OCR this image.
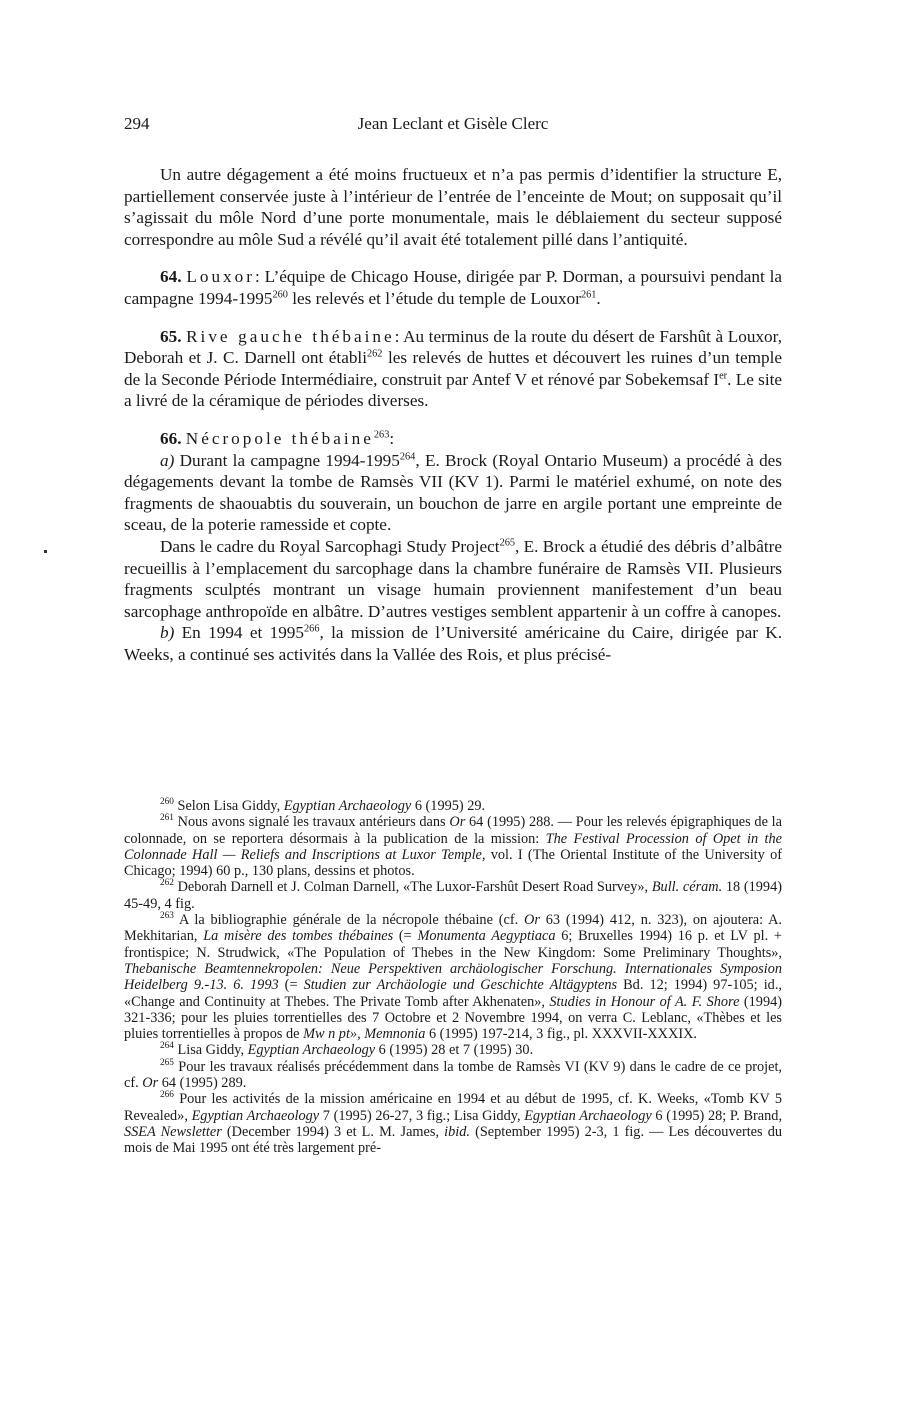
294	Jean Leclant et Gisèle Clerc

Un autre dégagement a été moins fructueux et n’a pas permis d’identifier la structure E, partiellement conservée juste à l’intérieur de l’entrée de l’enceinte de Mout; on supposait qu’il s’agissait du môle Nord d’une porte monumentale, mais le déblaiement du secteur supposé correspondre au môle Sud a révélé qu’il avait été totalement pillé dans l’antiquité.

64. Louxor: L’équipe de Chicago House, dirigée par P. Dorman, a poursuivi pendant la campagne 1994-1995$^{260}$ les relevés et l’étude du temple de Louxor$^{261}$.

65. Rive gauche thébaine: Au terminus de la route du désert de Farshût à Louxor, Deborah et J. C. Darnell ont établi$^{262}$ les relevés de huttes et découvert les ruines d’un temple de la Seconde Période Intermédiaire, construit par Antef V et rénové par Sobekemsaf Ier. Le site a livré de la céramique de périodes diverses.

66. Nécropole thébaine$^{263}$:

a) Durant la campagne 1994-1995$^{264}$, E. Brock (Royal Ontario Museum) a procédé à des dégagements devant la tombe de Ramsès VII (KV 1). Parmi le matériel exhumé, on note des fragments de shaouabtis du souverain, un bouchon de jarre en argile portant une empreinte de sceau, de la poterie ramesside et copte.

Dans le cadre du Royal Sarcophagi Study Project$^{265}$, E. Brock a étudié des débris d’albâtre recueillis à l’emplacement du sarcophage dans la chambre funéraire de Ramsès VII. Plusieurs fragments sculptés montrant un visage humain proviennent manifestement d’un beau sarcophage anthropoïde en albâtre. D’autres vestiges semblent appartenir à un coffre à canopes.

b) En 1994 et 1995$^{266}$, la mission de l’Université américaine du Caire, dirigée par K. Weeks, a continué ses activités dans la Vallée des Rois, et plus précisé-

$^{260}$ Selon Lisa Giddy, Egyptian Archaeology 6 (1995) 29.

$^{261}$ Nous avons signalé les travaux antérieurs dans Or 64 (1995) 288. — Pour les relevés épigraphiques de la colonnade, on se reportera désormais à la publication de la mission: The Festival Procession of Opet in the Colonnade Hall — Reliefs and Inscriptions at Luxor Temple, vol. I (The Oriental Institute of the University of Chicago; 1994) 60 p., 130 plans, dessins et photos.

$^{262}$ Deborah Darnell et J. Colman Darnell, «The Luxor-Farshût Desert Road Survey», Bull. céram. 18 (1994) 45-49, 4 fig.

$^{263}$ A la bibliographie générale de la nécropole thébaine (cf. Or 63 (1994) 412, n. 323), on ajoutera: A. Mekhitarian, La misère des tombes thébaines (= Monumenta Aegyptiaca 6; Bruxelles 1994) 16 p. et LV pl. + frontispice; N. Strudwick, «The Population of Thebes in the New Kingdom: Some Preliminary Thoughts», Thebanische Beamtennekropolen: Neue Perspektiven archäologischer Forschung. Internationales Symposion Heidelberg 9.-13. 6. 1993 (= Studien zur Archäologie und Geschichte Altägyptens Bd. 12; 1994) 97-105; id., «Change and Continuity at Thebes. The Private Tomb after Akhenaten», Studies in Honour of A. F. Shore (1994) 321-336; pour les pluies torrentielles des 7 Octobre et 2 Novembre 1994, on verra C. Leblanc, «Thèbes et les pluies torrentielles à propos de Mw n pt», Memnonia 6 (1995) 197-214, 3 fig., pl. XXXVII-XXXIX.

$^{264}$ Lisa Giddy, Egyptian Archaeology 6 (1995) 28 et 7 (1995) 30.

$^{265}$ Pour les travaux réalisés précédemment dans la tombe de Ramsès VI (KV 9) dans le cadre de ce projet, cf. Or 64 (1995) 289.

$^{266}$ Pour les activités de la mission américaine en 1994 et au début de 1995, cf. K. Weeks, «Tomb KV 5 Revealed», Egyptian Archaeology 7 (1995) 26-27, 3 fig.; Lisa Giddy, Egyptian Archaeology 6 (1995) 28; P. Brand, SSEA Newsletter (December 1994) 3 et L. M. James, ibid. (September 1995) 2-3, 1 fig. — Les découvertes du mois de Mai 1995 ont été très largement pré-
